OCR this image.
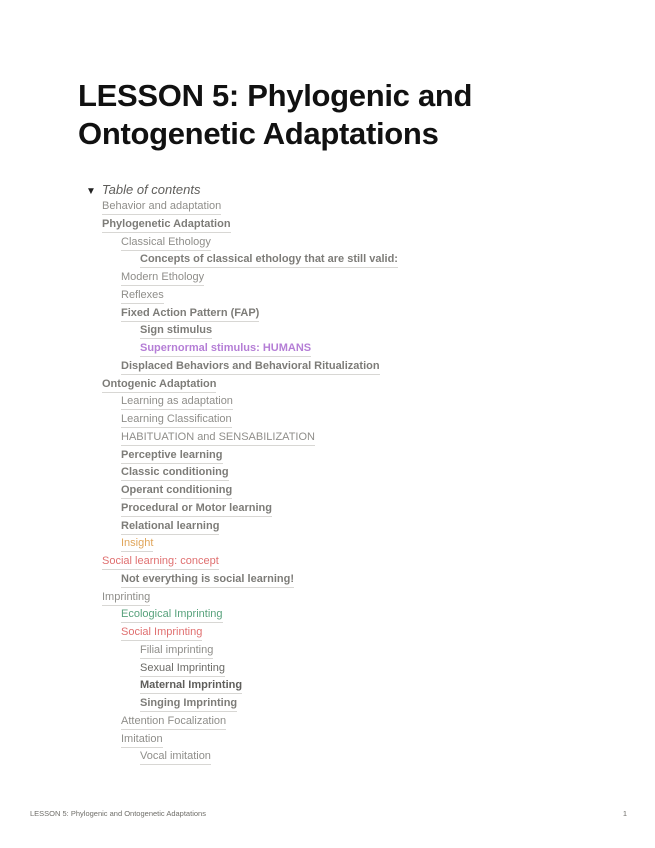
LESSON 5: Phylogenic and Ontogenetic Adaptations
▼ Table of contents
Behavior and adaptation
Phylogenetic Adaptation
Classical Ethology
Concepts of classical ethology that are still valid:
Modern Ethology
Reflexes
Fixed Action Pattern (FAP)
Sign stimulus
Supernormal stimulus: HUMANS
Displaced Behaviors and Behavioral Ritualization
Ontogenic Adaptation
Learning as adaptation
Learning Classification
HABITUATION and SENSABILIZATION
Perceptive learning
Classic conditioning
Operant conditioning
Procedural or Motor learning
Relational learning
Insight
Social learning: concept
Not everything is social learning!
Imprinting
Ecological Imprinting
Social Imprinting
Filial imprinting
Sexual Imprinting
Maternal Imprinting
Singing Imprinting
Attention Focalization
Imitation
Vocal imitation
LESSON 5: Phylogenic and Ontogenetic Adaptations	1
